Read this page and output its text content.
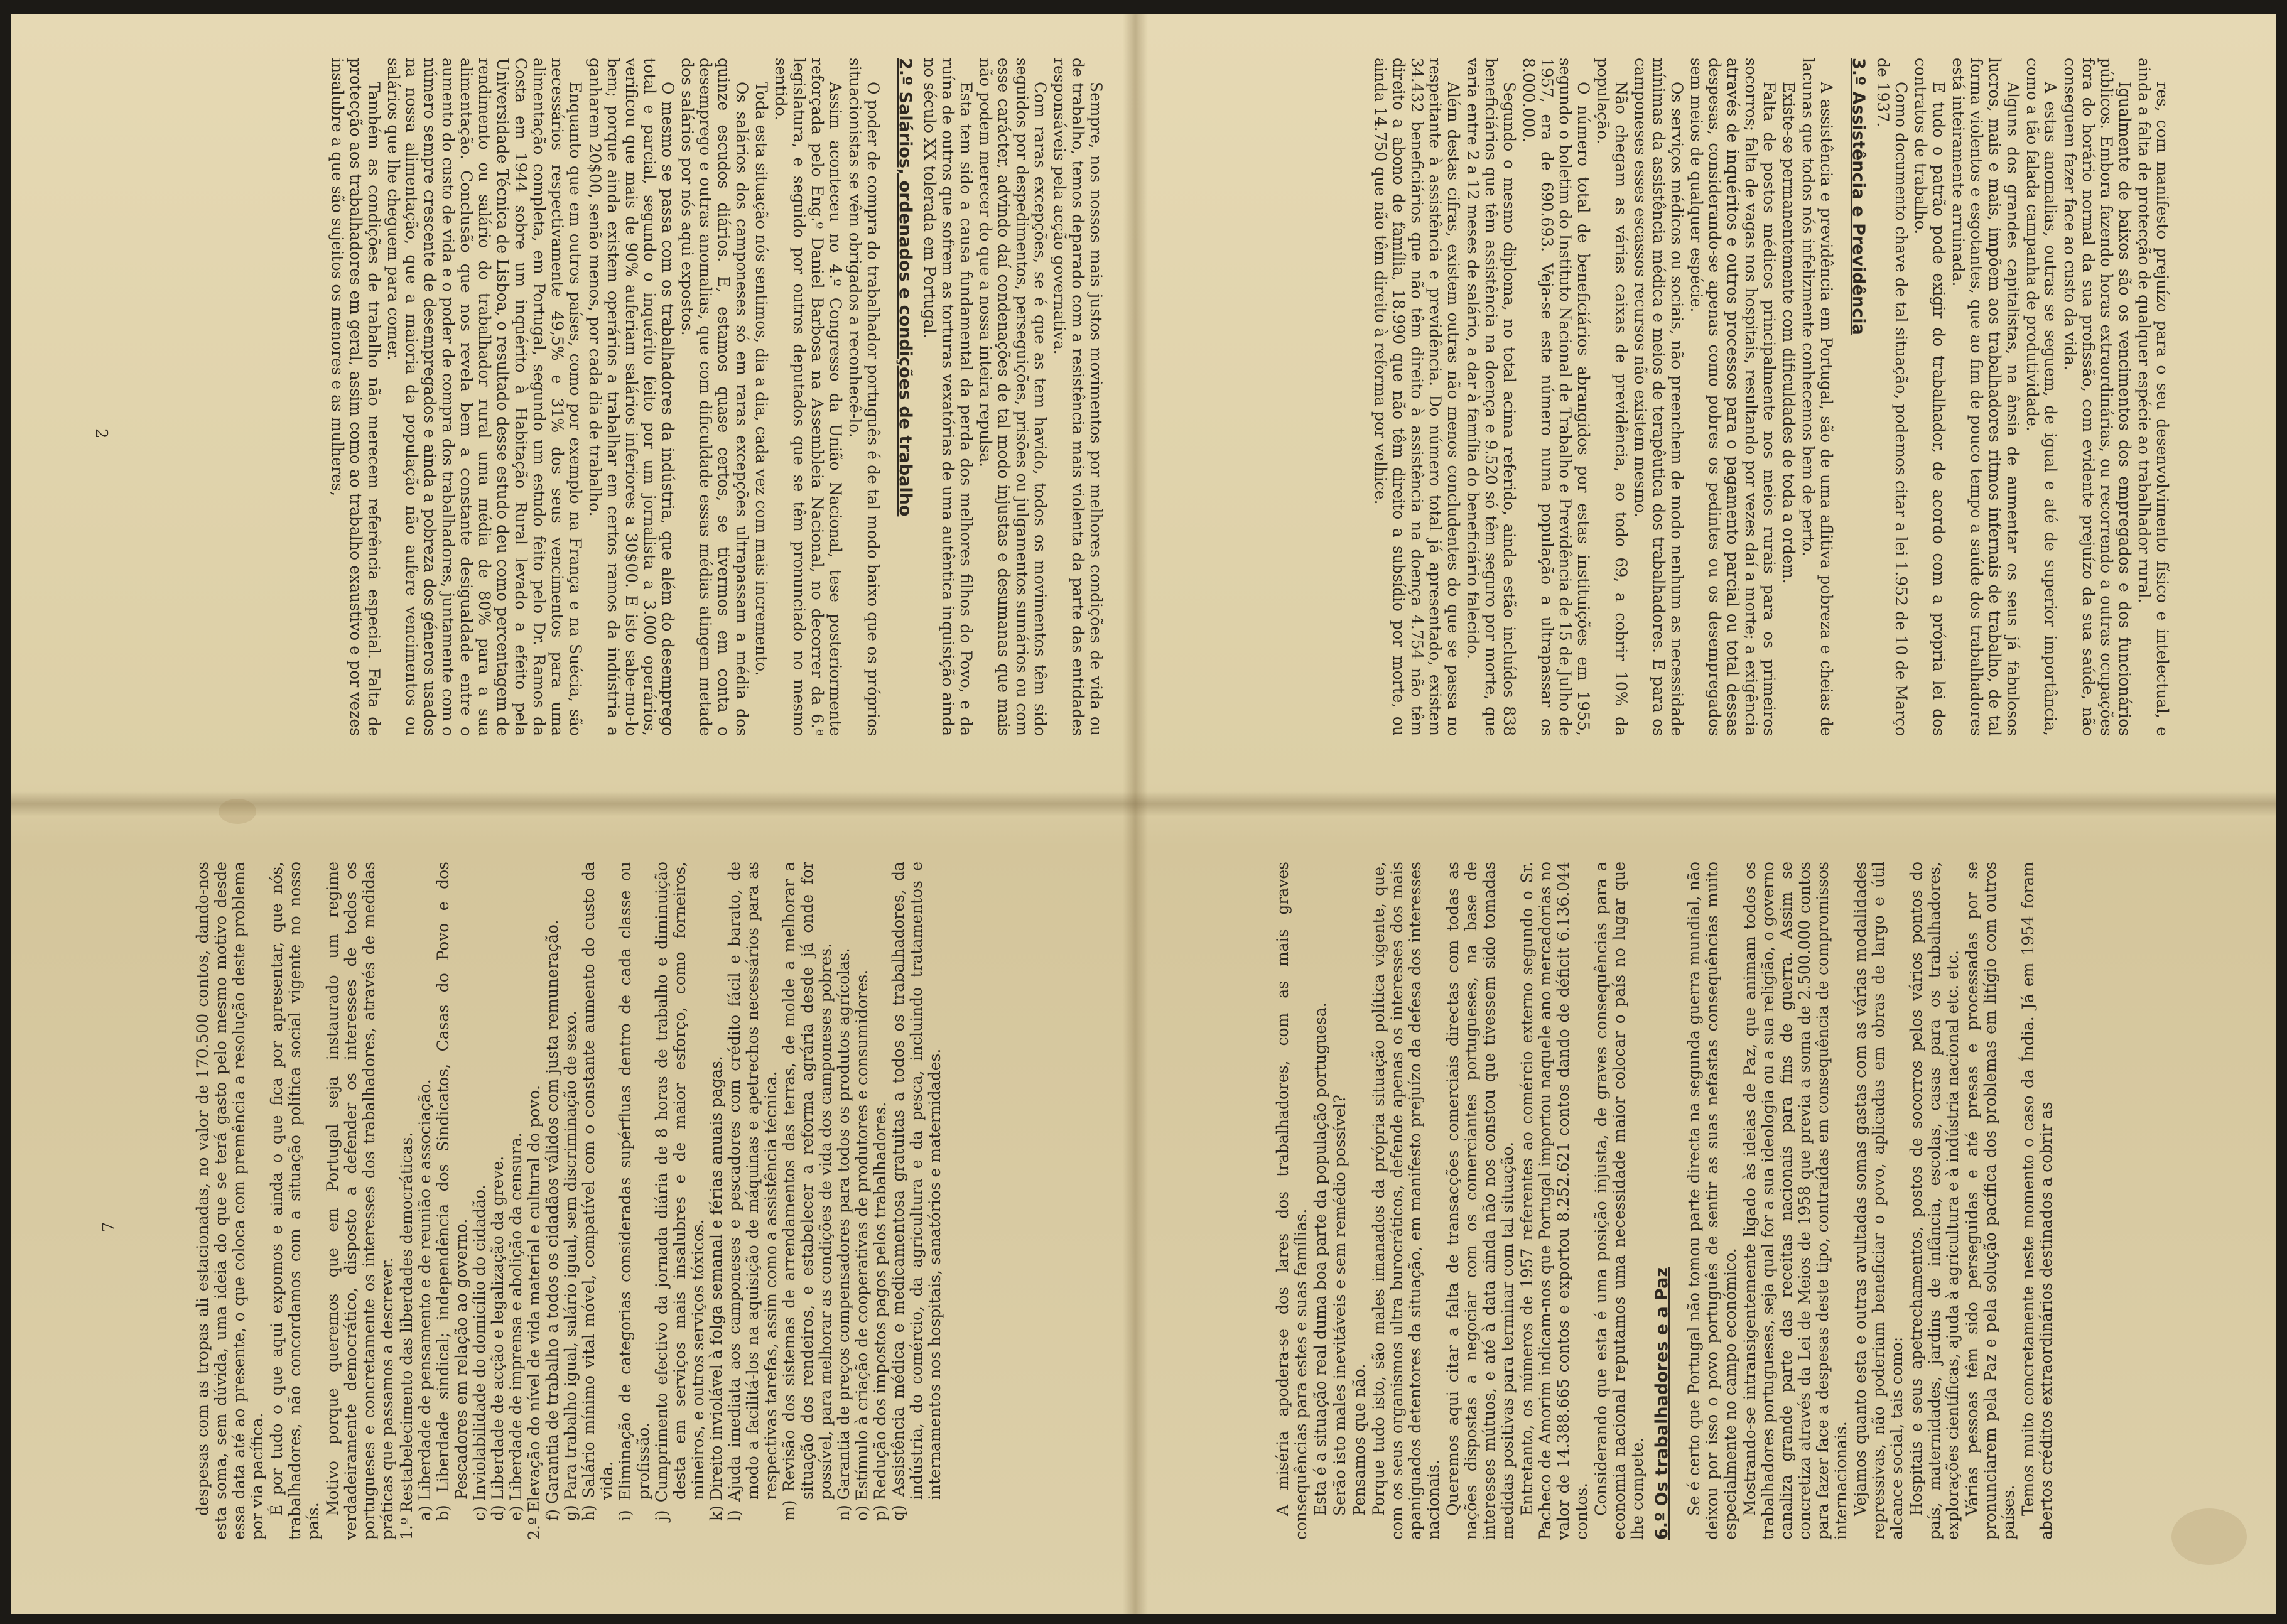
Sempre, nos nossos mais justos movimentos por melhores condições de vida ou de trabalho, temos deparado com a resistência mais violenta da parte das entidades responsáveis pela acção governativa.

Com raras excepções, se é que as tem havido, todos os movimentos têm sido seguidos por despedimentos, perseguições, prisões ou julgamentos sumários ou com esse carácter, advindo daí condenações de tal modo injustas e desumanas que mais não podem merecer do que a nossa inteira repulsa.

Esta tem sido a causa fundamental da perda dos melhores filhos do Povo, e da ruína de outros que sofrem as torturas vexatórias de uma autêntica inquisição ainda no século XX tolerada em Portugal.

2.º Salários, ordenados e condições de trabalho

O poder de compra do trabalhador português é de tal modo baixo que os próprios situacionistas se vêm obrigados a reconhecê-lo.

Assim aconteceu no 4.º Congresso da União Nacional, tese posteriormente reforçada pelo Eng.º Daniel Barbosa na Assembleia Nacional, no decorrer da 6.ª legislatura, e seguido por outros deputados que se têm pronunciado no mesmo sentido.

Toda esta situação nós sentimos, dia a dia, cada vez com mais incremento.

Os salários dos camponeses só em raras excepções ultrapassam a média dos quinze escudos diários. E, estamos quase certos, se tivermos em conta o desemprego e outras anomalias, que com dificuldade essas médias atingem metade dos salários por nós aqui expostos.

O mesmo se passa com os trabalhadores da indústria, que além do desemprego total e parcial, segundo o inquérito feito por um jornalista a 3.000 operários, verificou que mais de 90% auferiam salários inferiores a 30$00. E isto sabe-mo-lo bem; porque ainda existem operários a trabalhar em certos ramos da indústria a ganharem 20$00, senão menos, por cada dia de trabalho.

Enquanto que em outros países, como por exemplo na França e na Suécia, são necessários respectivamente 49,5% e 31% dos seus vencimentos para uma alimentação completa, em Portugal, segundo um estudo feito pelo Dr. Ramos da Costa em 1944 sobre um inquérito à Habitação Rural levado a efeito pela Universidade Técnica de Lisboa, o resultado desse estudo deu como percentagem de rendimento ou salário do trabalhador rural uma média de 80% para a sua alimentação. Conclusão que nos revela bem a constante desigualdade entre o aumento do custo de vida e o poder de compra dos trabalhadores, juntamente com o número sempre crescente de desempregados e ainda a pobreza dos géneros usados na nossa alimentação, que a maioria da população não aufere vencimentos ou salários que lhe cheguem para comer.

Também as condições de trabalho não merecem referência especial. Falta de protecção aos trabalhadores em geral, assim como ao trabalho exaustivo e por vezes insalubre a que são sujeitos os menores e as mulheres,	res, com manifesto prejuízo para o seu desenvolvimento físico e intelectual, e ainda a falta de protecção de qualquer espécie ao trabalhador rural.

Igualmente de baixos são os vencimentos dos empregados e dos funcionários públicos. Embora fazendo horas extraordinárias, ou recorrendo a outras ocupações fora do horário normal da sua profissão, com evidente prejuízo da sua saúde, não conseguem fazer face ao custo da vida.

A estas anomalias, outras se seguem, de igual e até de superior importância, como a tão falada campanha de produtividade.

Alguns dos grandes capitalistas, na ânsia de aumentar os seus já fabulosos lucros, mais e mais, impõem aos trabalhadores ritmos infernais de trabalho, de tal forma violentos e esgotantes, que ao fim de pouco tempo a saúde dos trabalhadores está inteiramente arruinada.

E tudo o patrão pode exigir do trabalhador, de acordo com a própria lei dos contratos de trabalho.

Como documento chave de tal situação, podemos citar a lei 1.952 de 10 de Março de 1937.

3.º Assistência e Previdência

A assistência e previdência em Portugal, são de uma aflitiva pobreza e cheias de lacunas que todos nós infelizmente conhecemos bem de perto.

Existe-se permanentemente com dificuldades de toda a ordem.

Falta de postos médicos principalmente nos meios rurais para os primeiros socorros; falta de vagas nos hospitais, resultando por vezes daí a morte; a exigência através de inquéritos e outros processos para o pagamento parcial ou total dessas despesas, considerando-se apenas como pobres os pedintes ou os desempregados sem meios de qualquer espécie.

Os serviços médicos ou sociais, não preenchem de modo nenhum as necessidade mínimas da assistência médica e meios de terapêutica dos trabalhadores. E para os camponeses esses escassos recursos não existem mesmo.

Não chegam as várias caixas de previdência, ao todo 69, a cobrir 10% da população.

O número total de beneficiários abrangidos por estas instituições em 1955, segundo o boletim do Instituto Nacional de Trabalho e Previdência de 15 de Julho de 1957, era de 690.693. Veja-se este número numa população a ultrapassar os 8.000.000.

Segundo o mesmo diploma, no total acima referido, ainda estão incluídos 838 beneficiários que têm assistência na doença e 9.520 só têm seguro por morte, que varia entre 2 a 12 meses de salário, a dar à família do beneficiário falecido.

Além destas cifras, existem outras não menos concludentes do que se passa no respeitante à assistência e previdência. Do número total já apresentado, existem 34.432 beneficiários que não têm direito à assistência na doença 4.754 não têm direito a abono de família, 18.990 que não têm direito a subsídio por morte, ou ainda 14.750 que não têm direito à reforma por velhice.

despesas com as tropas ali estacionadas, no valor de 170.500 contos, dando-nos esta soma, sem dúvida, uma ideia do que se terá gasto pelo mesmo motivo desde essa data até ao presente, o que coloca com premência a resolução deste problema por via pacífica. É por tudo o que aqui expomos e ainda o que fica por apresentar, que nós, trabalhadores, não concordamos com a situação política social vigente no nosso país.

Motivo porque queremos que em Portugal seja instaurado um regime verdadeiramente democrático, disposto a defender os interesses de todos os portugueses e concretamente os interesses dos trabalhadores, através de medidas práticas que passamos a descrever. 1.º Restabelecimento das liberdades democráticas. a) Liberdade de pensamento e de reunião e associação. b) Liberdade sindical; independência dos Sindicatos, Casas do Povo e dos Pescadores em relação ao governo. c) Inviolabilidade do domicílio do cidadão. d) Liberdade de acção e legalização da greve. e) Liberdade de imprensa e abolição da censura. 2.º Elevação do nível de vida material e cultural do povo. f) Garantia de trabalho a todos os cidadãos válidos com justa remuneração. g) Para trabalho igual, salário igual, sem discriminação de sexo. h) Salário mínimo vital móvel, compatível com o constante aumento do custo da vida. i) Eliminação de categorias consideradas supérfluas dentro de cada classe ou profissão. j) Cumprimento efectivo da jornada diária de 8 horas de trabalho e diminuição desta em serviços mais insalubres e de maior esforço, como forneiros, mineiros, e outros serviços tóxicos. k) Direito inviolável à folga semanal e férias anuais pagas. l) Ajuda imediata aos camponeses e pescadores com crédito fácil e barato, de modo a facilitá-los na aquisição de máquinas e apetrechos necessários para as respectivas tarefas, assim como a assistência técnica. m) Revisão dos sistemas de arrendamentos das terras, de molde a melhorar a situação dos rendeiros, e estabelecer a reforma agrária desde já onde for possível, para melhorar as condições de vida dos camponeses pobres. n) Garantia de preços compensadores para todos os produtos agrícolas. o) Estímulo à criação de cooperativas de produtores e consumidores. p) Redução dos impostos pagos pelos trabalhadores. q) Assistência médica e medicamentosa gratuitas a todos os trabalhadores, da indústria, do comércio, da agricultura e da pesca, incluindo tratamentos e internamentos nos hospitais, sanatórios e maternidades.	A miséria apodera-se dos lares dos trabalhadores, com as mais graves consequências para estes e suas famílias. Esta é a situação real duma boa parte da população portuguesa. Serão isto males inevitáveis e sem remédio possível? Pensamos que não. Porque tudo isto, são males imanados da própria situação política vigente, que, com os seus organismos ultra burocráticos, defende apenas os interesses dos mais apaniguados detentores da situação, em manifesto prejuízo da defesa dos interesses nacionais. Queremos aqui citar a falta de transacções comerciais directas com todas as nações dispostas a negociar com os comerciantes portugueses, na base de interesses mútuos, e até à data ainda não nos constou que tivessem sido tomadas medidas positivas para terminar com tal situação. Entretanto, os números de 1957 referentes ao comércio externo segundo o Sr. Pacheco de Amorim indicam-nos que Portugal importou naquele ano mercadorias no valor de 14.388.665 contos e exportou 8.252.621 contos dando de déficit 6.136.044 contos. Considerando que esta é uma posição injusta, de graves consequências para a economia nacional reputamos uma necessidade maior colocar o país no lugar que lhe compete. 6.º Os trabalhadores e a Paz Se é certo que Portugal não tomou parte directa na segunda guerra mundial, não deixou por isso o povo português de sentir as suas nefastas consequências muito especialmente no campo económico. Mostrando-se intransigentemente ligado às ideias de Paz, que animam todos os trabalhadores portugueses, seja qual for a sua ideologia ou a sua religião, o governo canaliza grande parte das receitas nacionais para fins de guerra. Assim se concretiza através da Lei de Meios de 1958 que previa a soma de 2.500.000 contos para fazer face a despesas deste tipo, contraídas em consequência de compromissos internacionais. Vejamos quanto esta e outras avultadas somas gastas com as várias modalidades repressivas, não poderiam beneficiar o povo, aplicadas em obras de largo e útil alcance social, tais como: Hospitais e seus apetrechamentos, postos de socorros pelos vários pontos do país, maternidades, jardins de infância, escolas, casas para os trabalhadores, explorações científicas, ajuda à agricultura e à indústria nacional etc. etc. Várias pessoas têm sido perseguidas e até presas e processadas por se pronunciarem pela Paz e pela solução pacífica dos problemas em litígio com outros países. Temos muito concretamente neste momento o caso da Índia. Já em 1954 foram abertos créditos extraordinários destinados a cobrir as

2
7
